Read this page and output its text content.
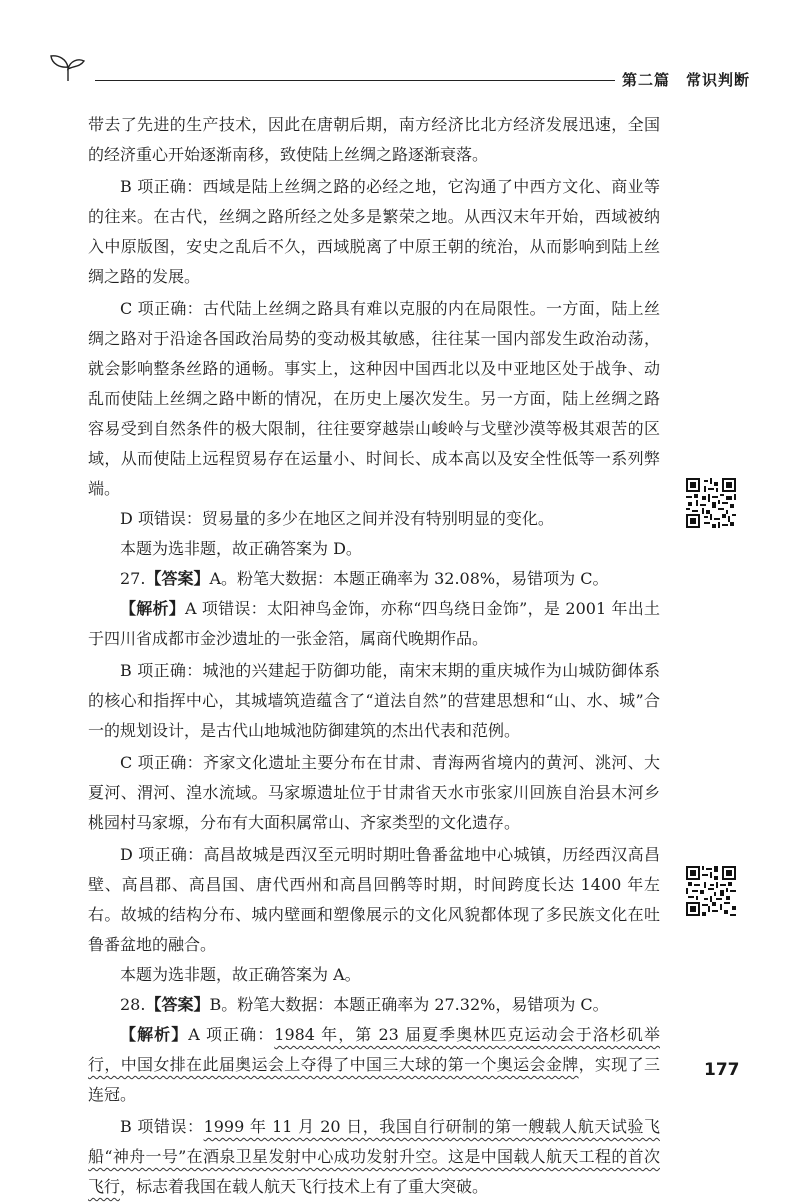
第二篇　常识判断

带去了先进的生产技术，因此在唐朝后期，南方经济比北方经济发展迅速，全国的经济重心开始逐渐南移，致使陆上丝绸之路逐渐衰落。

B 项正确：西域是陆上丝绸之路的必经之地，它沟通了中西方文化、商业等的往来。在古代，丝绸之路所经之处多是繁荣之地。从西汉末年开始，西域被纳入中原版图，安史之乱后不久，西域脱离了中原王朝的统治，从而影响到陆上丝绸之路的发展。

C 项正确：古代陆上丝绸之路具有难以克服的内在局限性。一方面，陆上丝绸之路对于沿途各国政治局势的变动极其敏感，往往某一国内部发生政治动荡，就会影响整条丝路的通畅。事实上，这种因中国西北以及中亚地区处于战争、动乱而使陆上丝绸之路中断的情况，在历史上屡次发生。另一方面，陆上丝绸之路容易受到自然条件的极大限制，往往要穿越崇山峻岭与戈壁沙漠等极其艰苦的区域，从而使陆上远程贸易存在运量小、时间长、成本高以及安全性低等一系列弊端。

D 项错误：贸易量的多少在地区之间并没有特别明显的变化。

本题为选非题，故正确答案为 D。

27.【答案】A。粉笔大数据：本题正确率为 32.08%，易错项为 C。

【解析】A 项错误：太阳神鸟金饰，亦称“四鸟绕日金饰”，是 2001 年出土于四川省成都市金沙遗址的一张金箔，属商代晚期作品。

B 项正确：城池的兴建起于防御功能，南宋末期的重庆城作为山城防御体系的核心和指挥中心，其城墙筑造蕴含了“道法自然”的营建思想和“山、水、城”合一的规划设计，是古代山地城池防御建筑的杰出代表和范例。

C 项正确：齐家文化遗址主要分布在甘肃、青海两省境内的黄河、洮河、大夏河、渭河、湟水流域。马家塬遗址位于甘肃省天水市张家川回族自治县木河乡桃园村马家塬，分布有大面积属常山、齐家类型的文化遗存。

D 项正确：高昌故城是西汉至元明时期吐鲁番盆地中心城镇，历经西汉高昌壁、高昌郡、高昌国、唐代西州和高昌回鹘等时期，时间跨度长达 1400 年左右。故城的结构分布、城内壁画和塑像展示的文化风貌都体现了多民族文化在吐鲁番盆地的融合。

本题为选非题，故正确答案为 A。

28.【答案】B。粉笔大数据：本题正确率为 27.32%，易错项为 C。

【解析】A 项正确：1984 年，第 23 届夏季奥林匹克运动会于洛杉矶举行，中国女排在此届奥运会上夺得了中国三大球的第一个奥运会金牌，实现了三连冠。

B 项错误：1999 年 11 月 20 日，我国自行研制的第一艘载人航天试验飞船“神舟一号”在酒泉卫星发射中心成功发射升空。这是中国载人航天工程的首次飞行，标志着我国在载人航天飞行技术上有了重大突破。

177
